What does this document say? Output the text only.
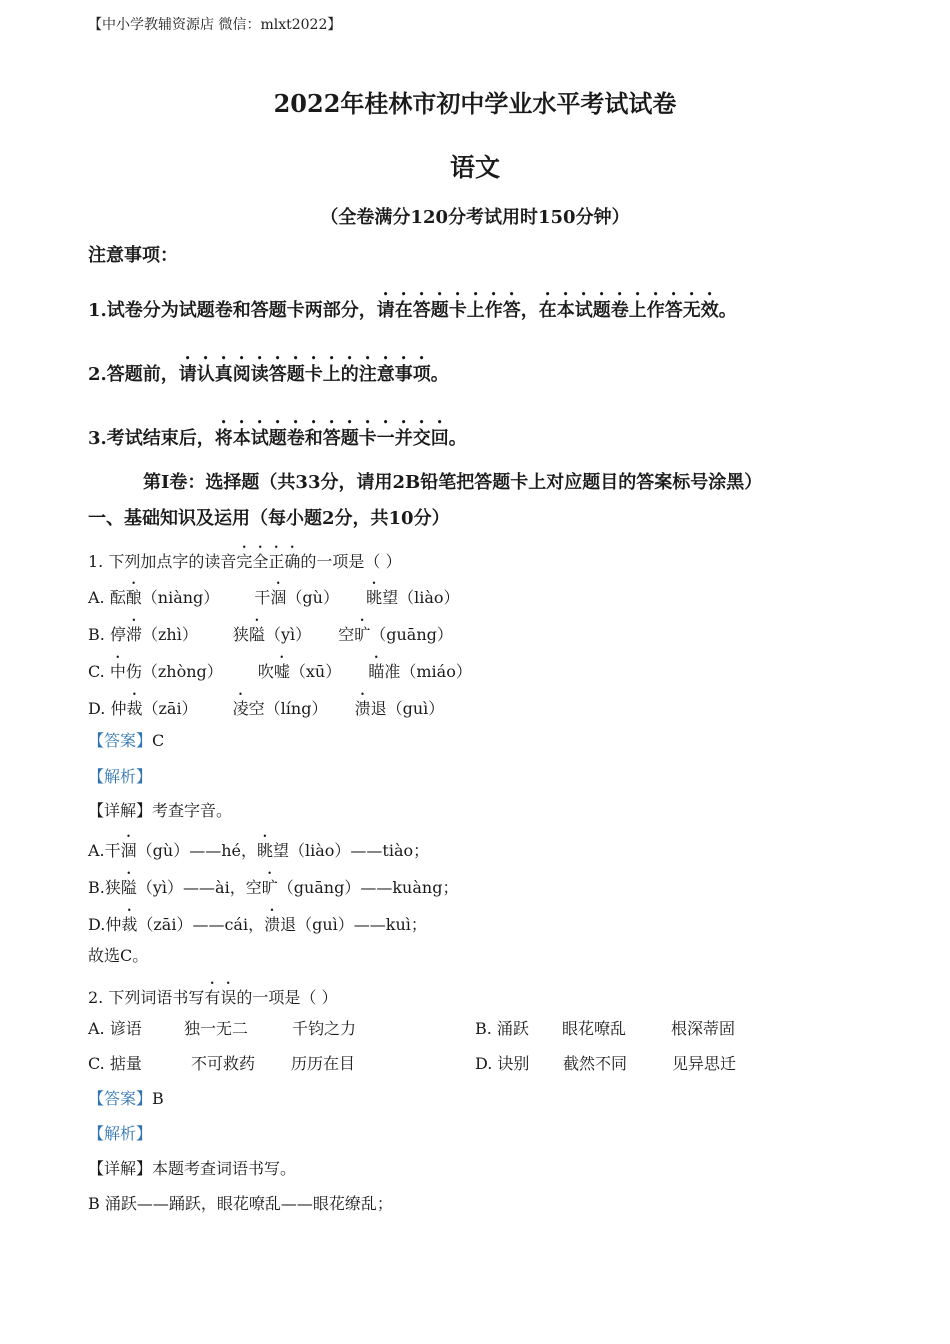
【中小学教辅资源店 微信：mlxt2022】
2022年桂林市初中学业水平考试试卷
语文
（全卷满分120分考试用时150分钟）
注意事项：
1.试卷分为试题卷和答题卡两部分，请在答题卡上作答，在本试题卷上作答无效。
2.答题前，请认真阅读答题卡上的注意事项。
3.考试结束后，将本试题卷和答题卡一并交回。
第Ⅰ卷：选择题（共33分，请用2B铅笔把答题卡上对应题目的答案标号涂黑）
一、基础知识及运用（每小题2分，共10分）
1. 下列加点字的读音完全正确的一项是（ ）
A. 酝酿（niàng） 干涸（gù） 眺望（liào）
B. 停滞（zhì） 狭隘（yì） 空旷（guāng）
C. 中伤（zhòng） 吹嘘（xū） 瞄准（miáo）
D. 仲裁（zāi） 凌空（líng） 溃退（guì）
【答案】C
【解析】
【详解】考查字音。
A.干涸（gù）——hé，眺望（liào）——tiào；
B.狭隘（yì）——ài，空旷（guāng）——kuàng；
D.仲裁（zāi）——cái，溃退（guì）——kuì；
故选C。
2. 下列词语书写有误的一项是（ ）
A. 谚语	独一无二	千钧之力	B. 涌跃 眼花嘹乱	根深蒂固
C. 掂量	不可救药 历历在目	D. 诀别 截然不同	见异思迁
【答案】B
【解析】
【详解】本题考查词语书写。
B 涌跃——踊跃，眼花嘹乱——眼花缭乱；
